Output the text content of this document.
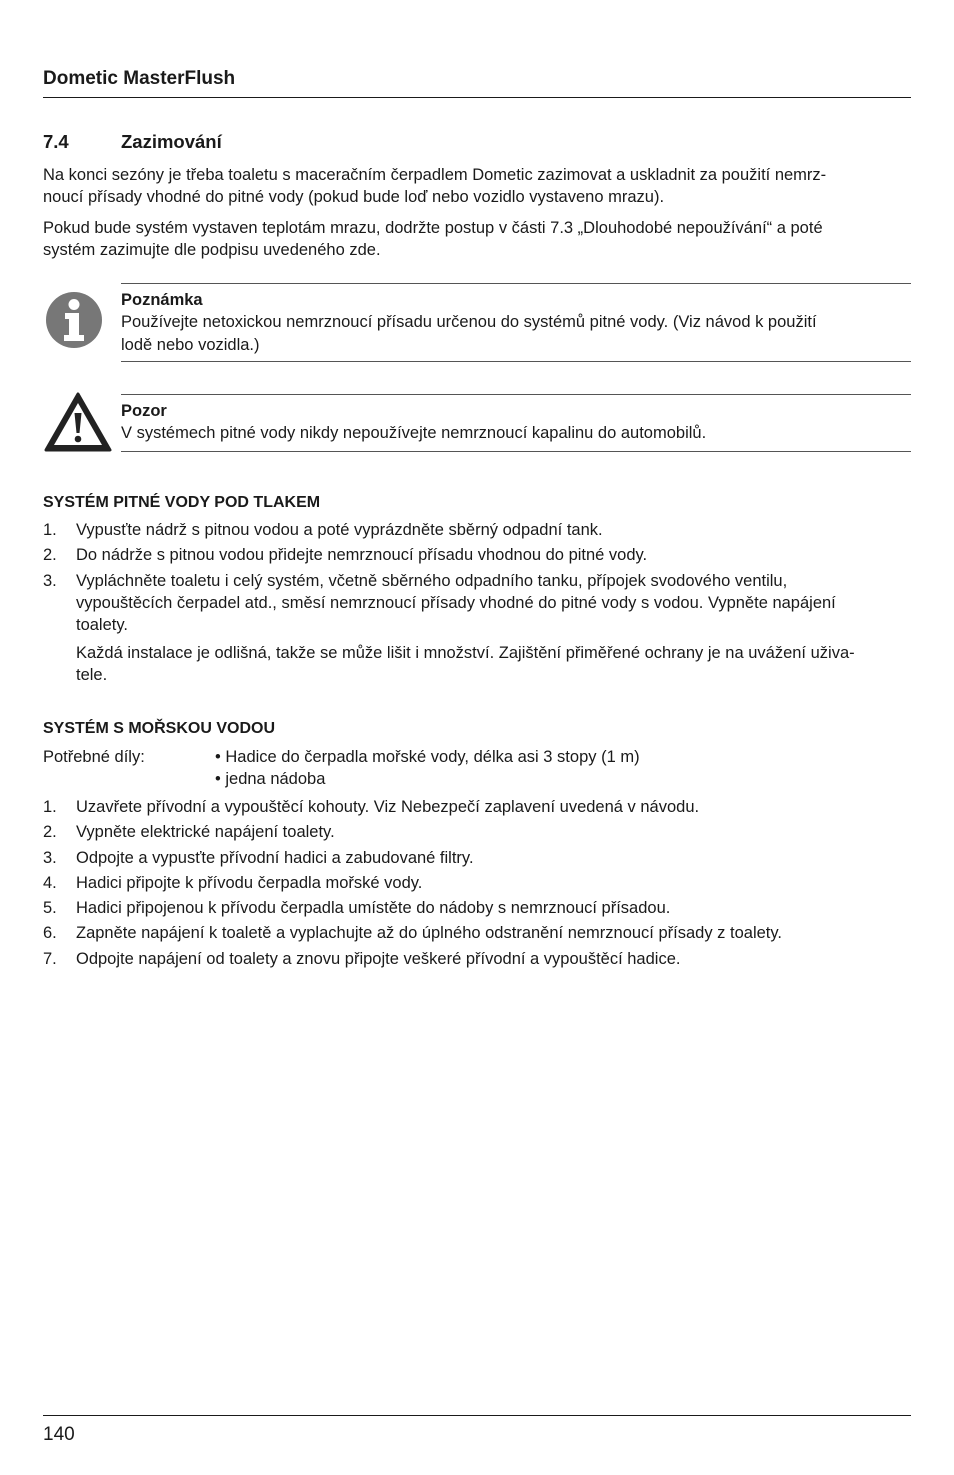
Dometic MasterFlush
7.4	Zazimování

Na konci sezóny je třeba toaletu s maceračním čerpadlem Dometic zazimovat a uskladnit za použití nemrz-
noucí přísady vhodné do pitné vody (pokud bude loď nebo vozidlo vystaveno mrazu).

Pokud bude systém vystaven teplotám mrazu, dodržte postup v části 7.3 „Dlouhodobé nepoužívání“ a poté
systém zazimujte dle podpisu uvedeného zde.

Poznámka
Používejte netoxickou nemrznoucí přísadu určenou do systémů pitné vody. (Viz návod k použití
lodě nebo vozidla.)
Pozor
V systémech pitné vody nikdy nepoužívejte nemrznoucí kapalinu do automobilů.
SYSTÉM PITNÉ VODY POD TLAKEM
1. Vypusťte nádrž s pitnou vodou a poté vyprázdněte sběrný odpadní tank.
2. Do nádrže s pitnou vodou přidejte nemrznoucí přísadu vhodnou do pitné vody.
3. Vypláchněte toaletu i celý systém, včetně sběrného odpadního tanku, přípojek svodového ventilu,
vypouštěcích čerpadel atd., směsí nemrznoucí přísady vhodné do pitné vody s vodou. Vypněte napájení
toalety.

Každá instalace je odlišná, takže se může lišit i množství. Zajištění přiměřené ochrany je na uvážení uživa-
tele.

SYSTÉM S MOŘSKOU VODOU
Potřebné díly:	• Hadice do čerpadla mořské vody, délka asi 3 stopy (1 m)
• jedna nádoba
1. Uzavřete přívodní a vypouštěcí kohouty. Viz Nebezpečí zaplavení uvedená v návodu.
2. Vypněte elektrické napájení toalety.
3. Odpojte a vypusťte přívodní hadici a zabudované filtry.
4. Hadici připojte k přívodu čerpadla mořské vody.
5. Hadici připojenou k přívodu čerpadla umístěte do nádoby s nemrznoucí přísadou.
6. Zapněte napájení k toaletě a vyplachujte až do úplného odstranění nemrznoucí přísady z toalety.
7. Odpojte napájení od toalety a znovu připojte veškeré přívodní a vypouštěcí hadice.
140
